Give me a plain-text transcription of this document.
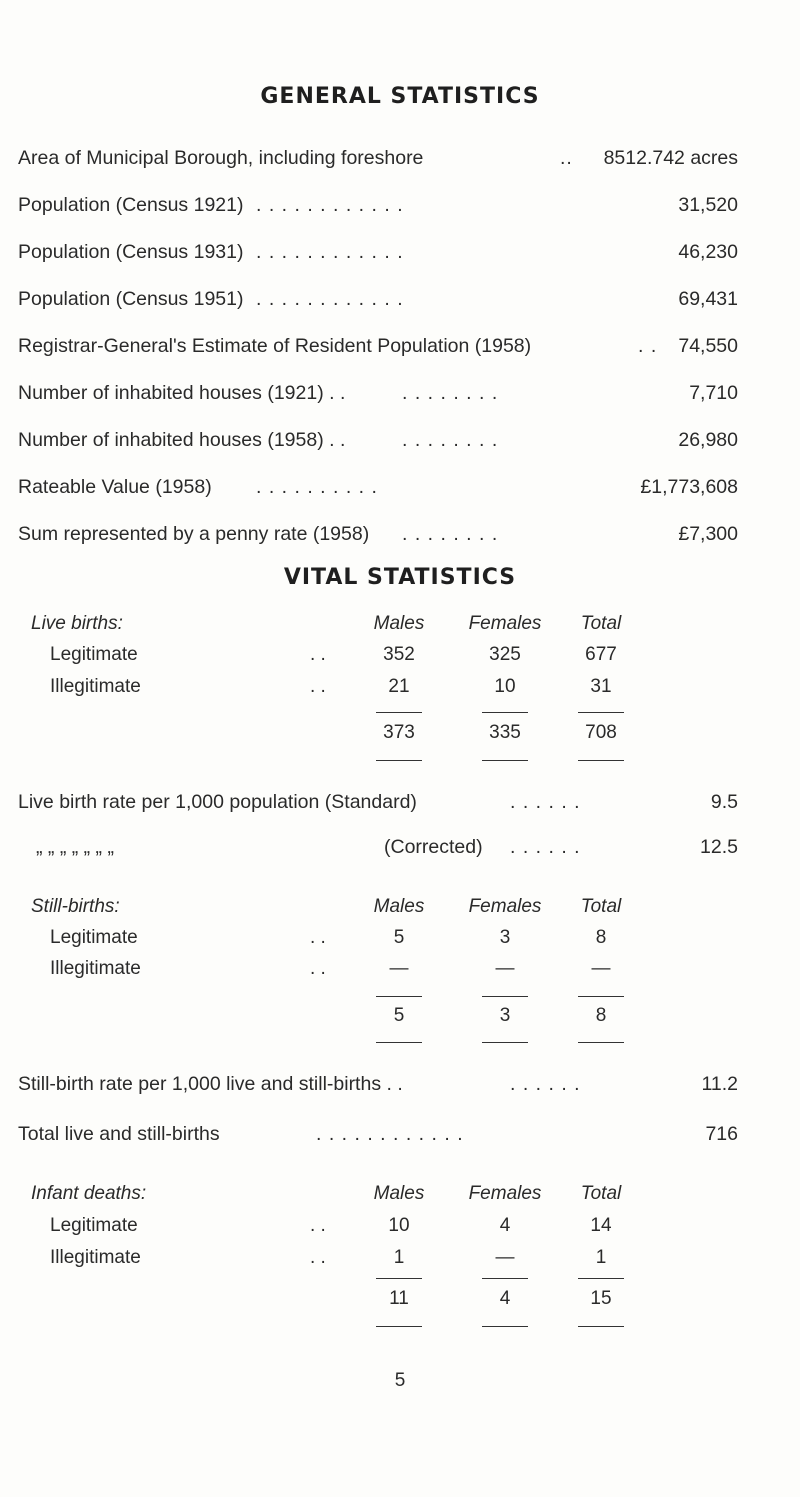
GENERAL STATISTICS
Area of Municipal Borough, including foreshore	.. 8512.742 acres
Population (Census 1921) . . . . . . . . . . . .	31,520
Population (Census 1931) . . . . . . . . . . . .	46,230
Population (Census 1951) . . . . . . . . . . . .	69,431
Registrar-General's Estimate of Resident Population (1958)	. . 74,550
Number of inhabited houses (1921) . .	. . . . . . . .	7,710
Number of inhabited houses (1958) . .	. . . . . . . .	26,980
Rateable Value (1958) . . . . . . . . . .	£1,773,608
Sum represented by a penny rate (1958) . . . . . . . .	£7,300
VITAL STATISTICS
Live births:	Males	Females	Total
Legitimate	. .	352	325	677
Illegitimate	. .	21	10	31
373	335	708
Live birth rate per 1,000 population (Standard)	. . . . . .	9.5
„ „ „ „ „ „ „	(Corrected) . . . . . .	12.5
Still-births:	Males	Females	Total
Legitimate	. .	5	3	8
Illegitimate	. .	—	—	—
5	3	8
Still-birth rate per 1,000 live and still-births . .	. . . . . .	11.2
Total live and still-births	. . . . . . . . . . . .	716
Infant deaths:	Males	Females	Total
Legitimate	. .	10	4	14
Illegitimate	. .	1	—	1
11	4	15
5
